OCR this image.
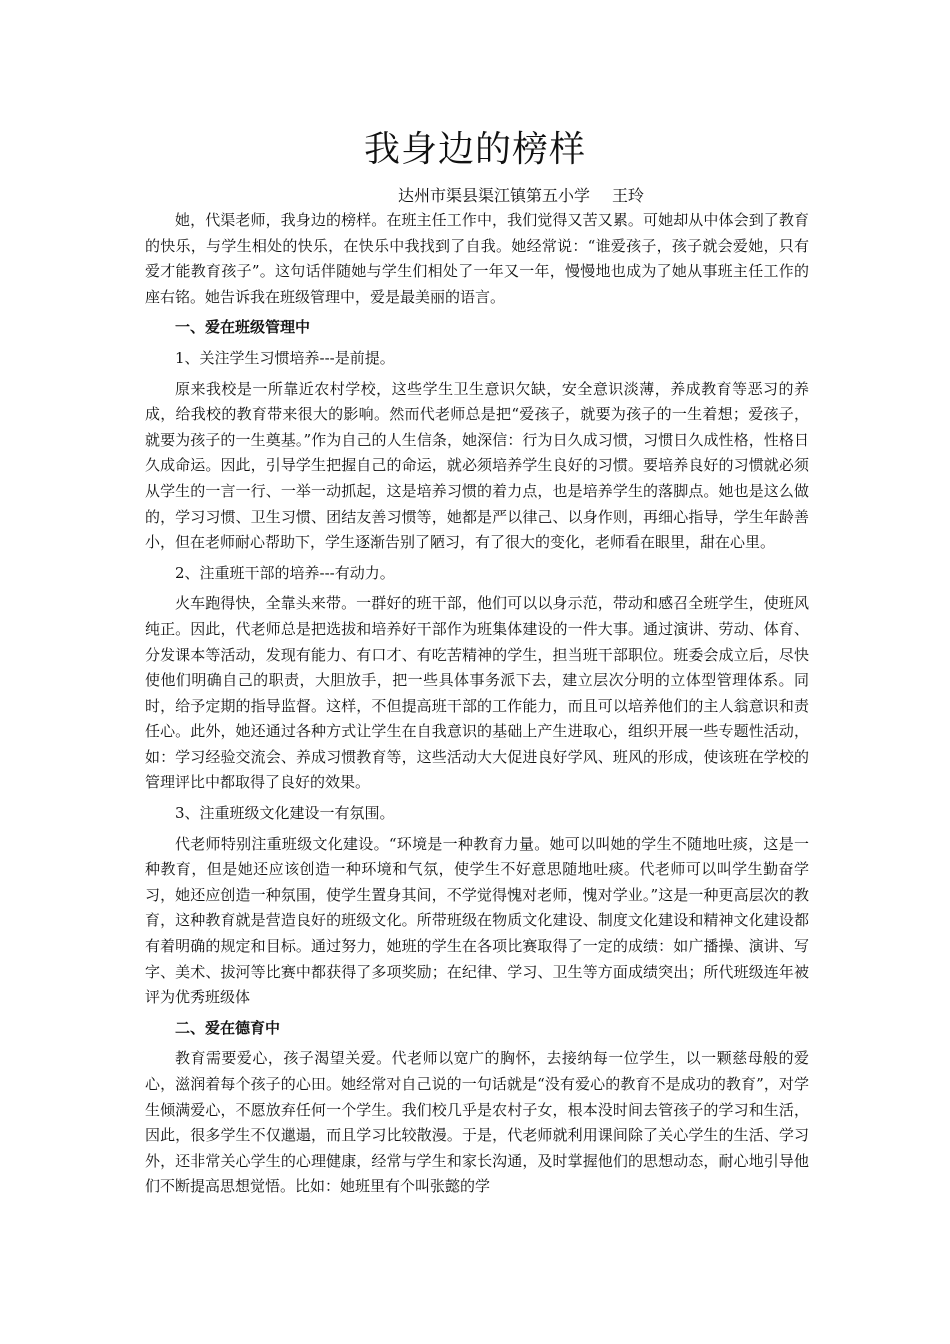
我身边的榜样
达州市渠县渠江镇第五小学 王玲

她，代渠老师，我身边的榜样。在班主任工作中，我们觉得又苦又累。可她却从中体会到了教育的快乐，与学生相处的快乐，在快乐中我找到了自我。她经常说：“谁爱孩子，孩子就会爱她，只有爱才能教育孩子”。这句话伴随她与学生们相处了一年又一年，慢慢地也成为了她从事班主任工作的座右铭。她告诉我在班级管理中，爱是最美丽的语言。

一、爱在班级管理中

1、关注学生习惯培养---是前提。

原来我校是一所靠近农村学校，这些学生卫生意识欠缺，安全意识淡薄，养成教育等恶习的养成，给我校的教育带来很大的影响。然而代老师总是把“爱孩子，就要为孩子的一生着想；爱孩子，就要为孩子的一生奠基。”作为自己的人生信条，她深信：行为日久成习惯，习惯日久成性格，性格日久成命运。因此，引导学生把握自己的命运，就必须培养学生良好的习惯。要培养良好的习惯就必须从学生的一言一行、一举一动抓起，这是培养习惯的着力点，也是培养学生的落脚点。她也是这么做的，学习习惯、卫生习惯、团结友善习惯等，她都是严以律己、以身作则，再细心指导，学生年龄善小，但在老师耐心帮助下，学生逐渐告别了陋习，有了很大的变化，老师看在眼里，甜在心里。

2、注重班干部的培养---有动力。

火车跑得快，全靠头来带。一群好的班干部，他们可以以身示范，带动和感召全班学生，使班风纯正。因此，代老师总是把选拔和培养好干部作为班集体建设的一件大事。通过演讲、劳动、体育、分发课本等活动，发现有能力、有口才、有吃苦精神的学生，担当班干部职位。班委会成立后，尽快使他们明确自己的职责，大胆放手，把一些具体事务派下去，建立层次分明的立体型管理体系。同时，给予定期的指导监督。这样，不但提高班干部的工作能力，而且可以培养他们的主人翁意识和责任心。此外，她还通过各种方式让学生在自我意识的基础上产生进取心，组织开展一些专题性活动，如：学习经验交流会、养成习惯教育等，这些活动大大促进良好学风、班风的形成，使该班在学校的管理评比中都取得了良好的效果。

3、注重班级文化建设一有氛围。

代老师特别注重班级文化建设。“环境是一种教育力量。她可以叫她的学生不随地吐痰，这是一种教育，但是她还应该创造一种环境和气氛，使学生不好意思随地吐痰。代老师可以叫学生勤奋学习，她还应创造一种氛围，使学生置身其间，不学觉得愧对老师，愧对学业。”这是一种更高层次的教育，这种教育就是营造良好的班级文化。所带班级在物质文化建设、制度文化建设和精神文化建设都有着明确的规定和目标。通过努力，她班的学生在各项比赛取得了一定的成绩：如广播操、演讲、写字、美术、拔河等比赛中都获得了多项奖励；在纪律、学习、卫生等方面成绩突出；所代班级连年被评为优秀班级体

二、爱在德育中

教育需要爱心，孩子渴望关爱。代老师以宽广的胸怀，去接纳每一位学生，以一颗慈母般的爱心，滋润着每个孩子的心田。她经常对自己说的一句话就是“没有爱心的教育不是成功的教育”，对学生倾满爱心，不愿放弃任何一个学生。我们校几乎是农村子女，根本没时间去管孩子的学习和生活，因此，很多学生不仅邋遢，而且学习比较散漫。于是，代老师就利用课间除了关心学生的生活、学习外，还非常关心学生的心理健康，经常与学生和家长沟通，及时掌握他们的思想动态，耐心地引导他们不断提高思想觉悟。比如：她班里有个叫张懿的学
